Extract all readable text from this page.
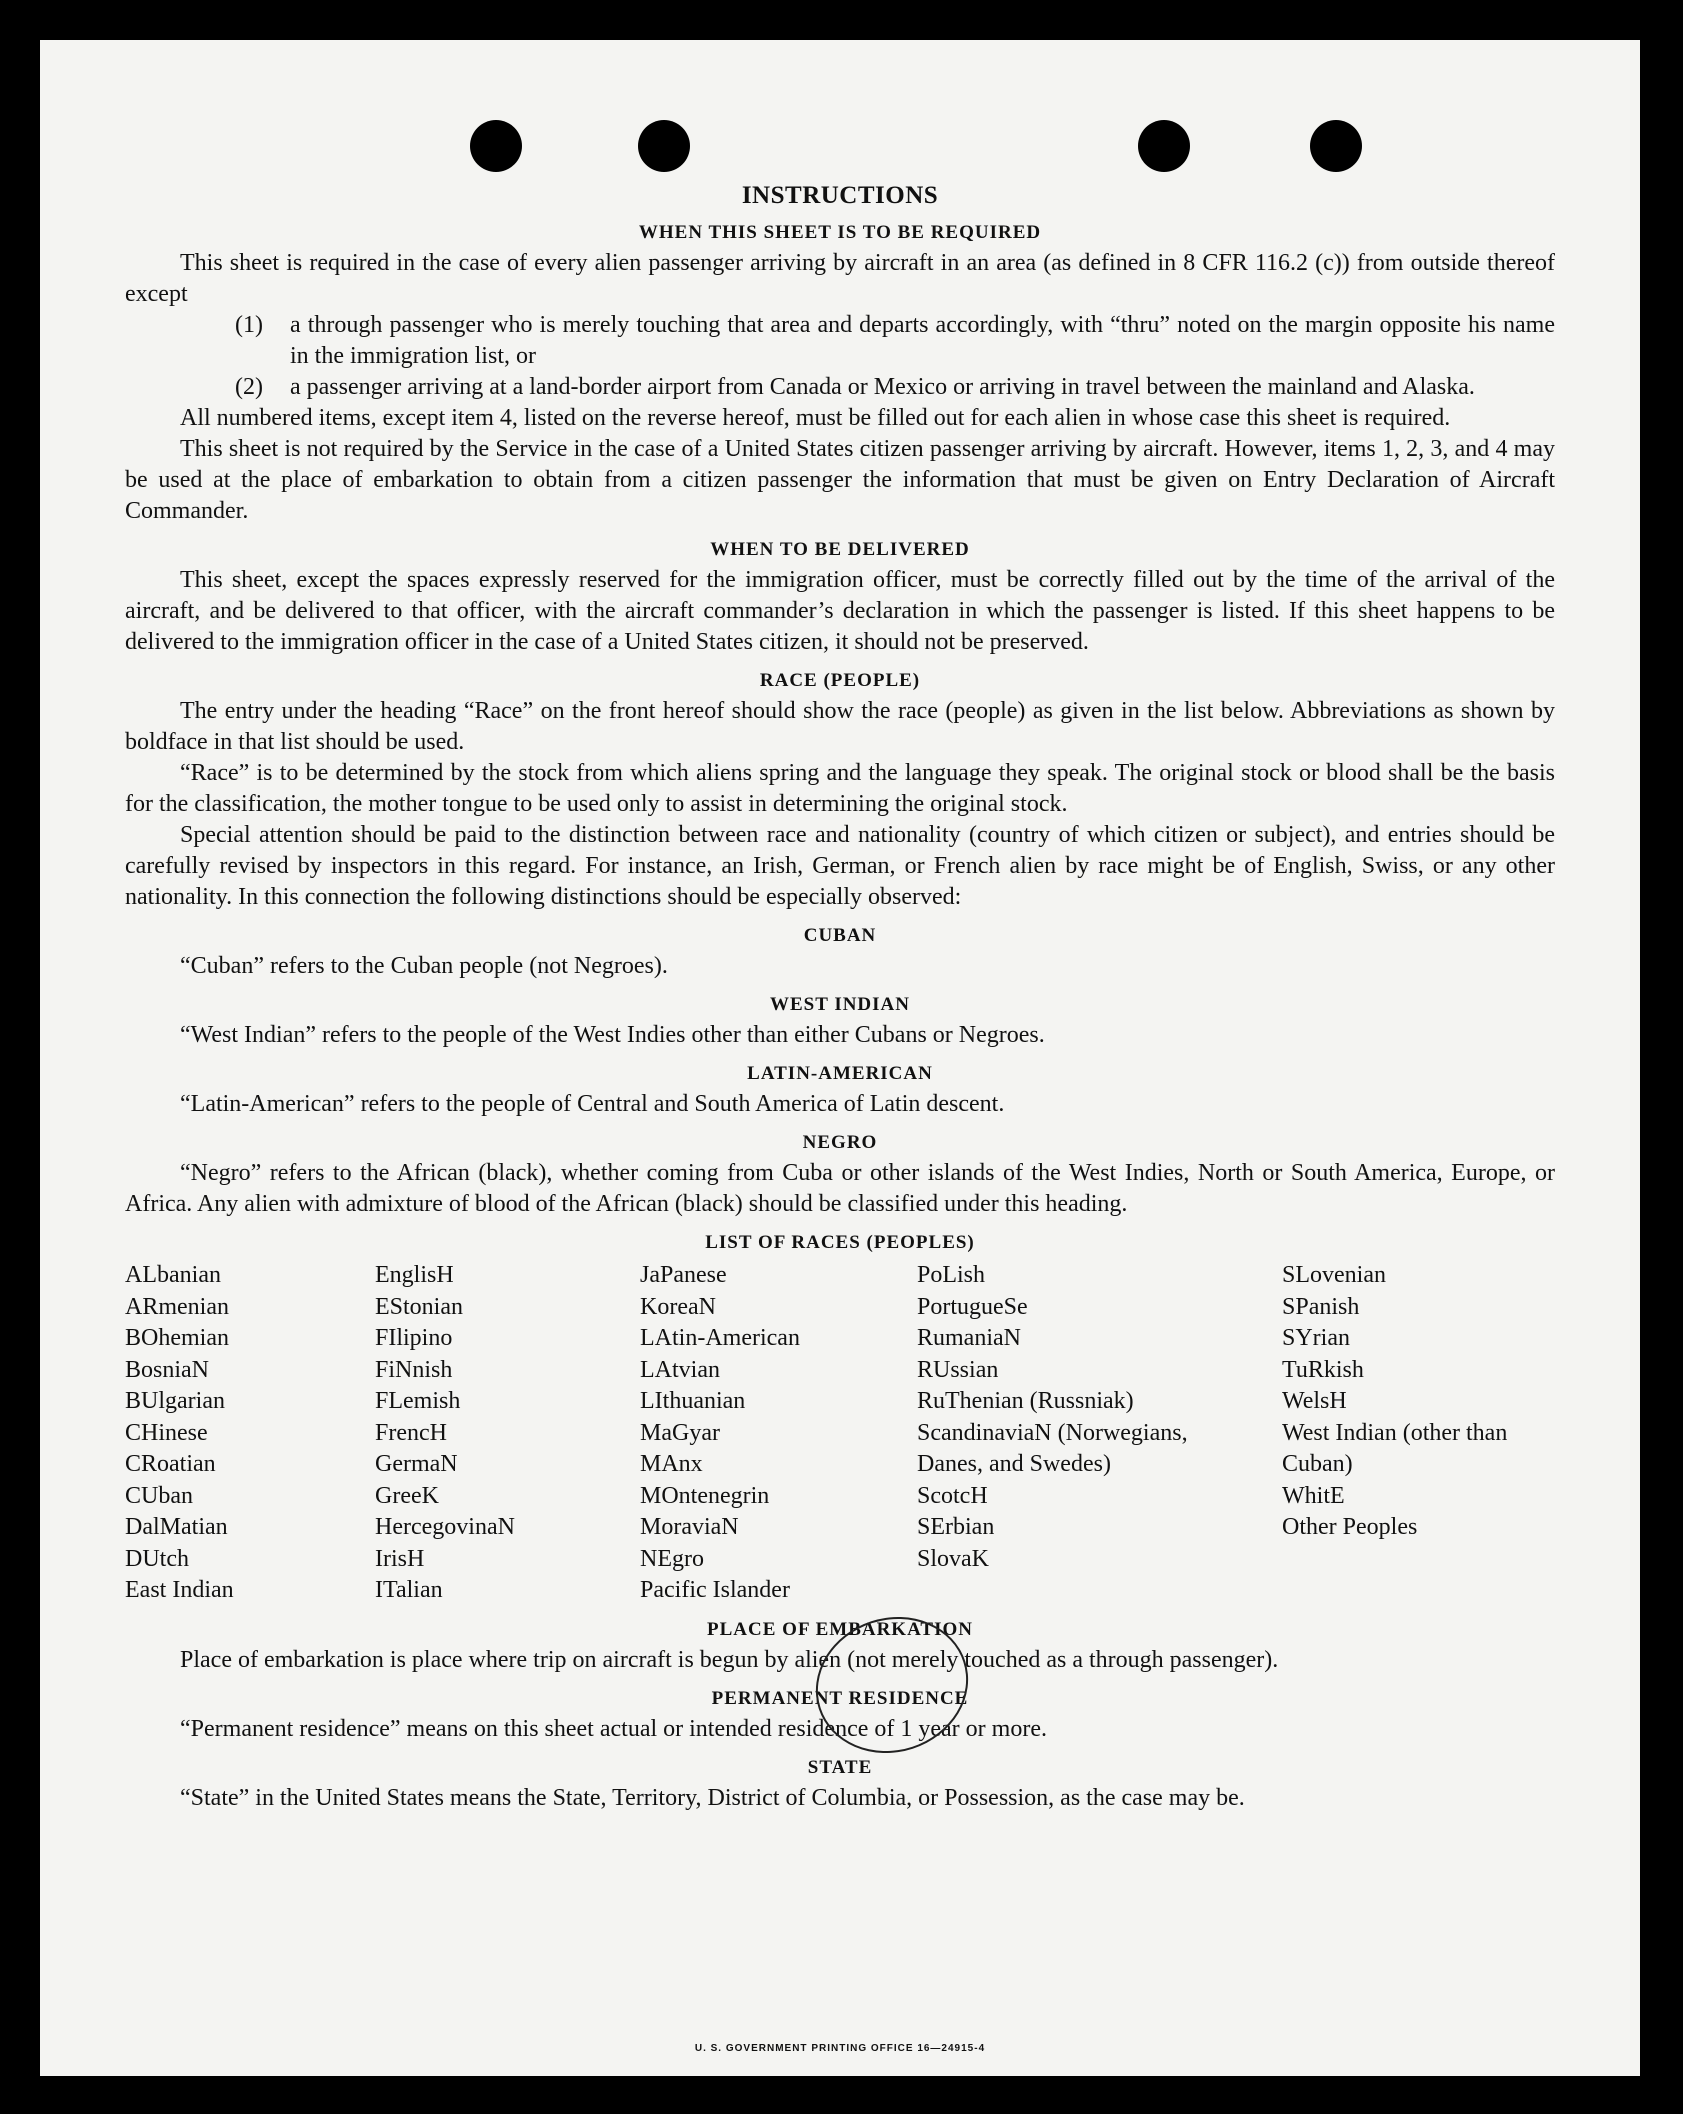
INSTRUCTIONS
WHEN THIS SHEET IS TO BE REQUIRED

This sheet is required in the case of every alien passenger arriving by aircraft in an area (as defined in 8 CFR 116.2 (c)) from outside thereof except

(1)	a through passenger who is merely touching that area and departs accordingly, with “thru” noted on the margin opposite his name in the immigration list, or
(2)	a passenger arriving at a land-border airport from Canada or Mexico or arriving in travel between the mainland and Alaska.

All numbered items, except item 4, listed on the reverse hereof, must be filled out for each alien in whose case this sheet is required.

This sheet is not required by the Service in the case of a United States citizen passenger arriving by aircraft. However, items 1, 2, 3, and 4 may be used at the place of embarkation to obtain from a citizen passenger the information that must be given on Entry Declaration of Aircraft Commander.

WHEN TO BE DELIVERED

This sheet, except the spaces expressly reserved for the immigration officer, must be correctly filled out by the time of the arrival of the aircraft, and be delivered to that officer, with the aircraft commander’s declaration in which the passenger is listed. If this sheet happens to be delivered to the immigration officer in the case of a United States citizen, it should not be preserved.

RACE (PEOPLE)

The entry under the heading “Race” on the front hereof should show the race (people) as given in the list below. Abbreviations as shown by boldface in that list should be used.

“Race” is to be determined by the stock from which aliens spring and the language they speak. The original stock or blood shall be the basis for the classification, the mother tongue to be used only to assist in determining the original stock.

Special attention should be paid to the distinction between race and nationality (country of which citizen or subject), and entries should be carefully revised by inspectors in this regard. For instance, an Irish, German, or French alien by race might be of English, Swiss, or any other nationality. In this connection the following distinctions should be especially observed:

CUBAN

“Cuban” refers to the Cuban people (not Negroes).

WEST INDIAN

“West Indian” refers to the people of the West Indies other than either Cubans or Negroes.

LATIN-AMERICAN

“Latin-American” refers to the people of Central and South America of Latin descent.

NEGRO

“Negro” refers to the African (black), whether coming from Cuba or other islands of the West Indies, North or South America, Europe, or Africa. Any alien with admixture of blood of the African (black) should be classified under this heading.

LIST OF RACES (PEOPLES)
ALbanian
ARmenian
BOhemian
BosniaN
BUlgarian
CHinese
CRoatian
CUban
DalMatian
DUtch
East Indian
EnglisH
EStonian
FIlipino
FiNnish
FLemish
FrencH
GermaN
GreeK
HercegovinaN
IrisH
ITalian
JaPanese
KoreaN
LAtin-American
LAtvian
LIthuanian
MaGyar
MAnx
MOntenegrin
MoraviaN
NEgro
Pacific Islander
PoLish
PortugueSe
RumaniaN
RUssian
RuThenian (Russniak)
ScandinaviaN (Norwegians, Danes, and Swedes)
ScotcH
SErbian
SlovaK
SLovenian
SPanish
SYrian
TuRkish
WelsH
West Indian (other than Cuban)
WhitE
Other Peoples
PLACE OF EMBARKATION

Place of embarkation is place where trip on aircraft is begun by alien (not merely touched as a through passenger).

PERMANENT RESIDENCE

“Permanent residence” means on this sheet actual or intended residence of 1 year or more.

STATE

“State” in the United States means the State, Territory, District of Columbia, or Possession, as the case may be.

U. S. GOVERNMENT PRINTING OFFICE 16—24915-4
